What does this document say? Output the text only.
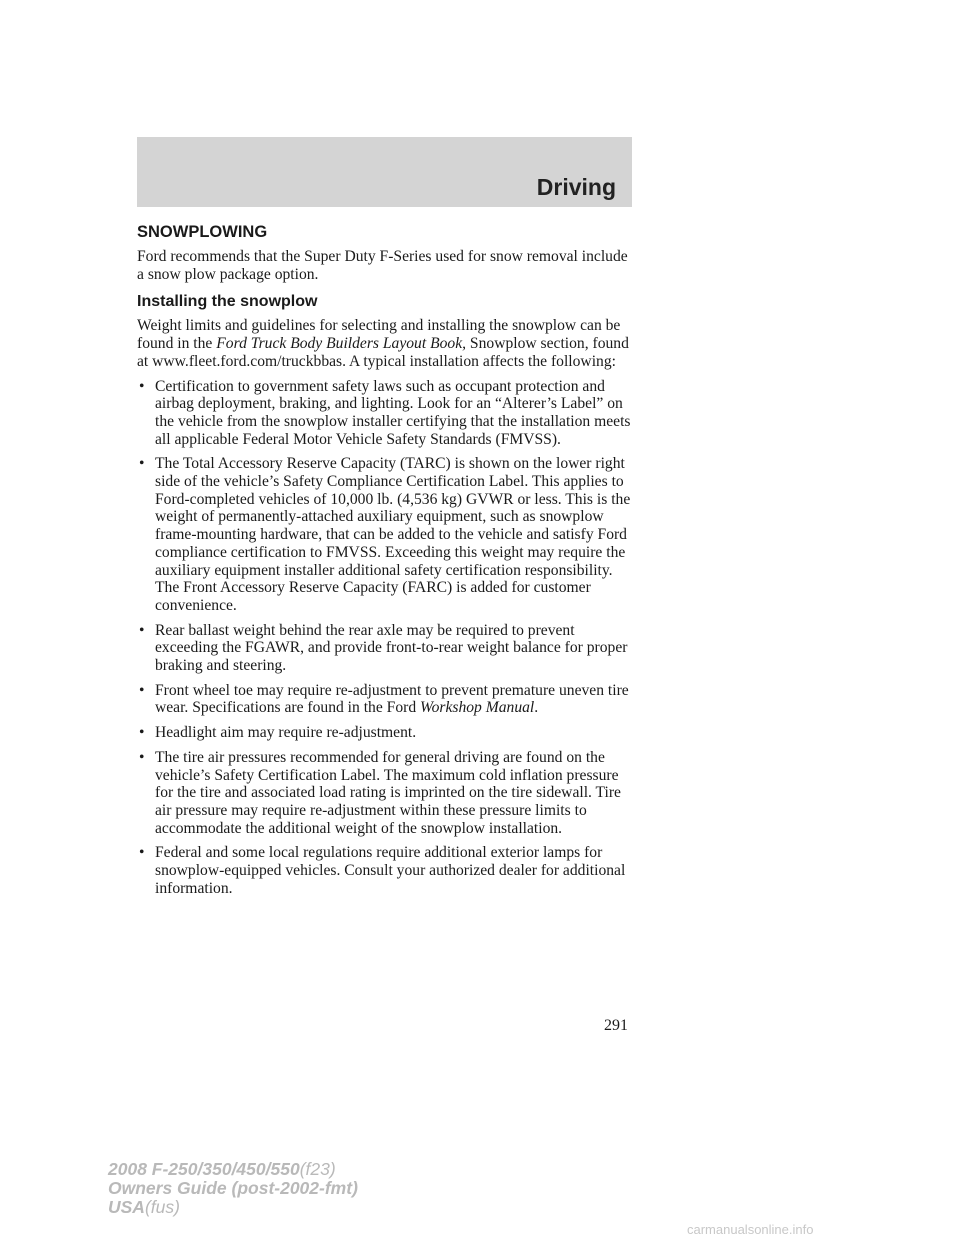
Driving
SNOWPLOWING

Ford recommends that the Super Duty F-Series used for snow removal include a snow plow package option.

Installing the snowplow

Weight limits and guidelines for selecting and installing the snowplow can be found in the Ford Truck Body Builders Layout Book, Snowplow section, found at www.fleet.ford.com/truckbbas. A typical installation affects the following:

• Certification to government safety laws such as occupant protection and airbag deployment, braking, and lighting. Look for an “Alterer’s Label” on the vehicle from the snowplow installer certifying that the installation meets all applicable Federal Motor Vehicle Safety Standards (FMVSS).
• The Total Accessory Reserve Capacity (TARC) is shown on the lower right side of the vehicle’s Safety Compliance Certification Label. This applies to Ford-completed vehicles of 10,000 lb. (4,536 kg) GVWR or less. This is the weight of permanently-attached auxiliary equipment, such as snowplow frame-mounting hardware, that can be added to the vehicle and satisfy Ford compliance certification to FMVSS. Exceeding this weight may require the auxiliary equipment installer additional safety certification responsibility. The Front Accessory Reserve Capacity (FARC) is added for customer convenience.
• Rear ballast weight behind the rear axle may be required to prevent exceeding the FGAWR, and provide front-to-rear weight balance for proper braking and steering.
• Front wheel toe may require re-adjustment to prevent premature uneven tire wear. Specifications are found in the Ford Workshop Manual.
• Headlight aim may require re-adjustment.
• The tire air pressures recommended for general driving are found on the vehicle’s Safety Certification Label. The maximum cold inflation pressure for the tire and associated load rating is imprinted on the tire sidewall. Tire air pressure may require re-adjustment within these pressure limits to accommodate the additional weight of the snowplow installation.
• Federal and some local regulations require additional exterior lamps for snowplow-equipped vehicles. Consult your authorized dealer for additional information.
291
2008 F-250/350/450/550(f23)
Owners Guide (post-2002-fmt)
USA(fus)
carmanualsonline.info
